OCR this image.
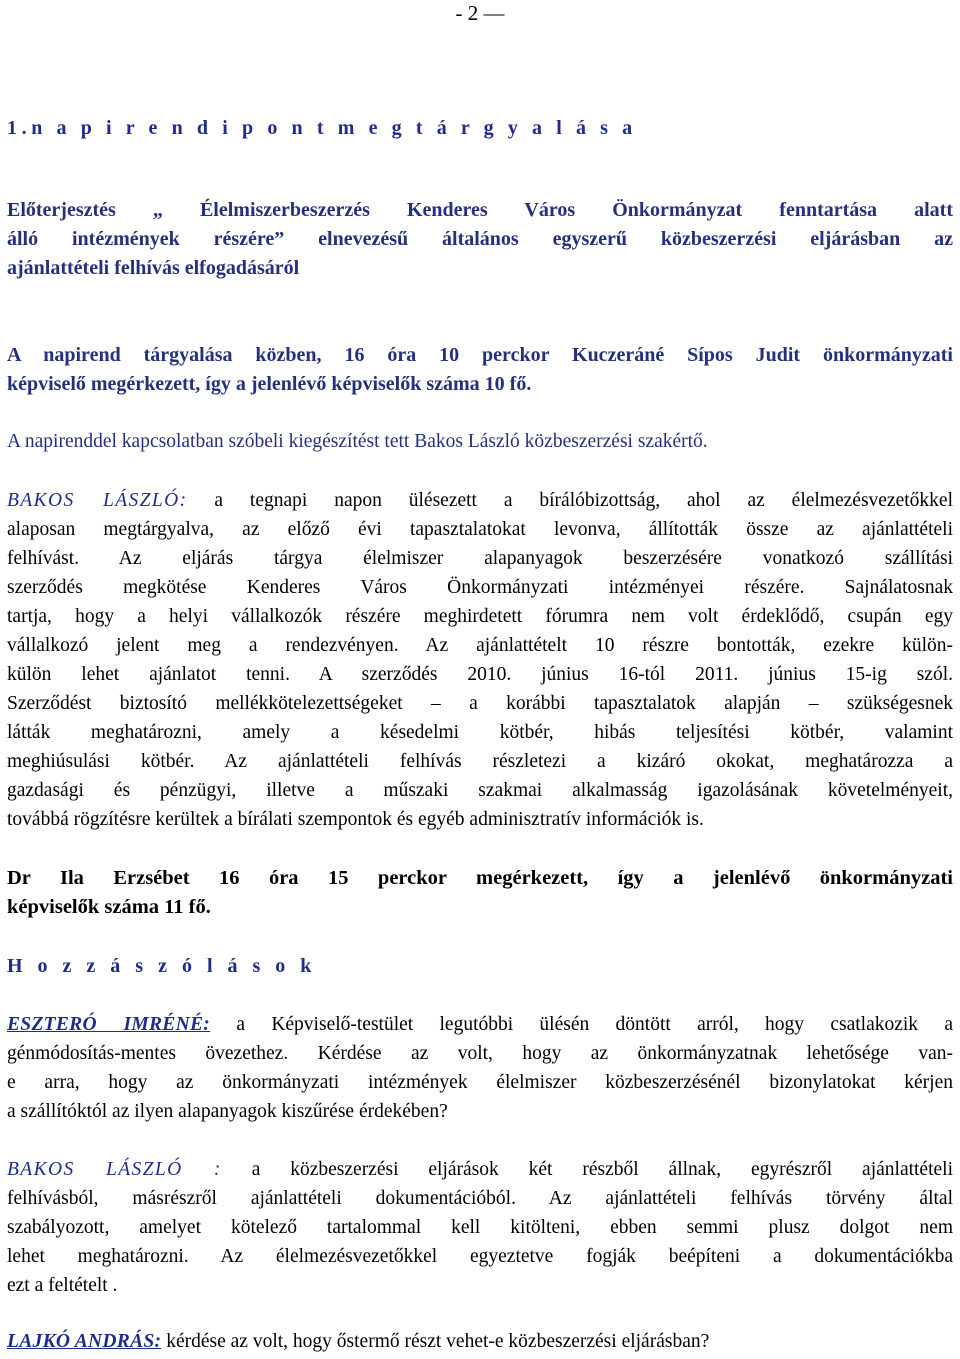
- 2 —
1.n a p i r e n d i p o n t m e g t á r g y a l á s a
Előterjesztés „ Élelmiszerbeszerzés Kenderes Város Önkormányzat fenntartása alatt
álló intézmények részére” elnevezésű általános egyszerű közbeszerzési eljárásban az
ajánlattételi felhívás elfogadásáról
A napirend tárgyalása közben, 16 óra 10 perckor Kuczeráné Sípos Judit önkormányzati
képviselő megérkezett, így a jelenlévő képviselők száma 10 fő.
A napirenddel kapcsolatban szóbeli kiegészítést tett Bakos László közbeszerzési szakértő.
BAKOS LÁSZLÓ: a tegnapi napon ülésezett a bírálóbizottság, ahol az élelmezésvezetőkkel
alaposan megtárgyalva, az előző évi tapasztalatokat levonva, állították össze az ajánlattételi
felhívást. Az eljárás tárgya élelmiszer alapanyagok beszerzésére vonatkozó szállítási
szerződés megkötése Kenderes Város Önkormányzati intézményei részére. Sajnálatosnak
tartja, hogy a helyi vállalkozók részére meghirdetett fórumra nem volt érdeklődő, csupán egy
vállalkozó jelent meg a rendezvényen. Az ajánlattételt 10 részre bontották, ezekre külön-
külön lehet ajánlatot tenni. A szerződés 2010. június 16-tól 2011. június 15-ig szól.
Szerződést biztosító mellékkötelezettségeket – a korábbi tapasztalatok alapján – szükségesnek
látták meghatározni, amely a késedelmi kötbér, hibás teljesítési kötbér, valamint
meghiúsulási kötbér. Az ajánlattételi felhívás részletezi a kizáró okokat, meghatározza a
gazdasági és pénzügyi, illetve a műszaki szakmai alkalmasság igazolásának követelményeit,
továbbá rögzítésre kerültek a bírálati szempontok és egyéb adminisztratív információk is.
Dr Ila Erzsébet 16 óra 15 perckor megérkezett, így a jelenlévő önkormányzati
képviselők száma 11 fő.
H o z z á s z ó l á s o k
ESZTERÓ IMRÉNÉ: a Képviselő-testület legutóbbi ülésén döntött arról, hogy csatlakozik a
génmódosítás-mentes övezethez. Kérdése az volt, hogy az önkormányzatnak lehetősége van-
e arra, hogy az önkormányzati intézmények élelmiszer közbeszerzésénél bizonylatokat kérjen
a szállítóktól az ilyen alapanyagok kiszűrése érdekében?
BAKOS LÁSZLÓ : a közbeszerzési eljárások két részből állnak, egyrészről ajánlattételi
felhívásból, másrészről ajánlattételi dokumentációból. Az ajánlattételi felhívás törvény által
szabályozott, amelyet kötelező tartalommal kell kitölteni, ebben semmi plusz dolgot nem
lehet meghatározni. Az élelmezésvezetőkkel egyeztetve fogják beépíteni a dokumentációkba
ezt a feltételt .
LAJKÓ ANDRÁS: kérdése az volt, hogy őstermő részt vehet-e közbeszerzési eljárásban?
